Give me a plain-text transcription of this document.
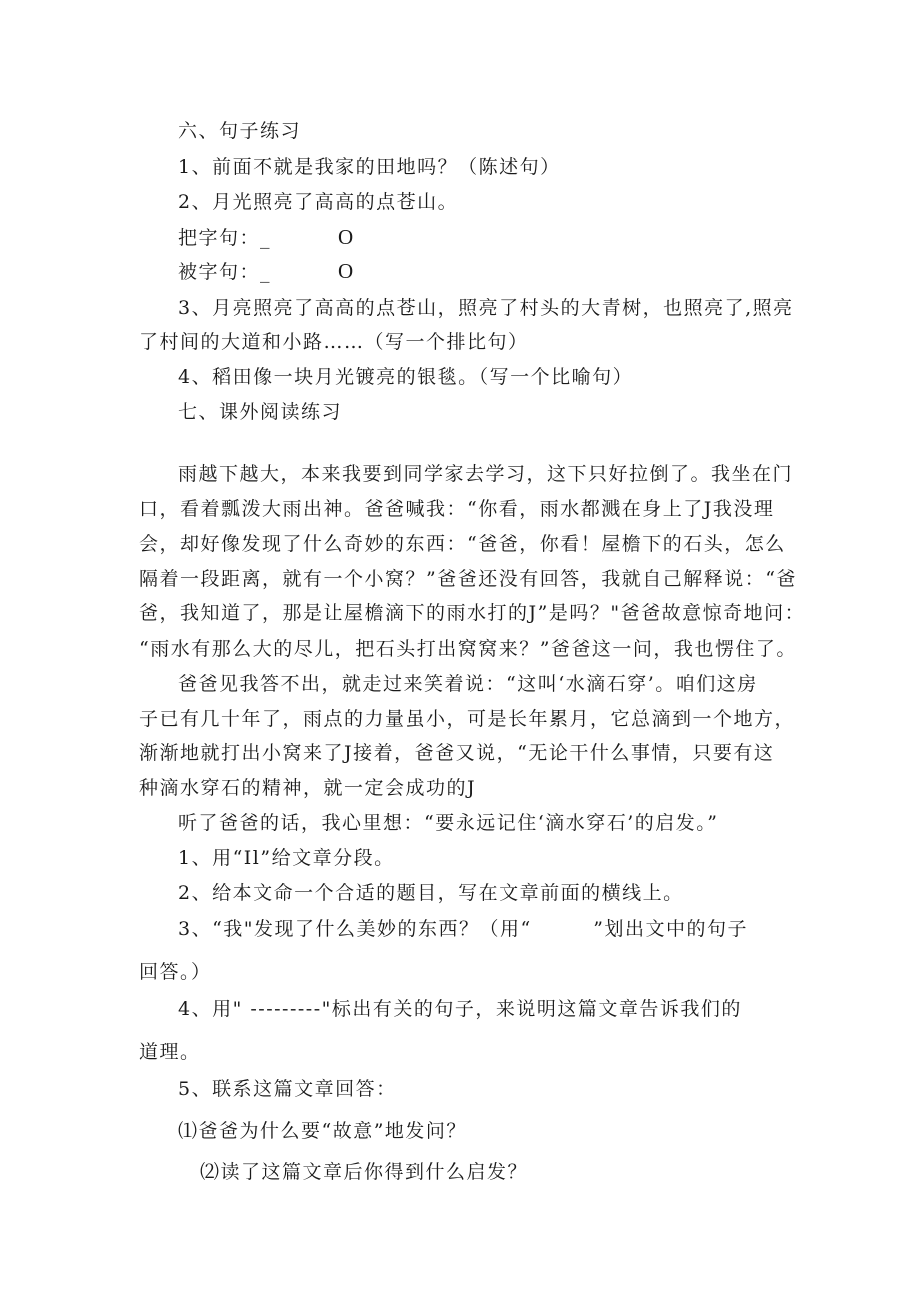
六、句子练习
1、前面不就是我家的田地吗？（陈述句）
2、月光照亮了高高的点苍山。
把字句：_	O
被字句：_	O
3、月亮照亮了高高的点苍山，照亮了村头的大青树，也照亮了,照亮
了村间的大道和小路……（写一个排比句）
4、稻田像一块月光镀亮的银毯。（写一个比喻句）
七、课外阅读练习
雨越下越大，本来我要到同学家去学习，这下只好拉倒了。我坐在门
口，看着瓢泼大雨出神。爸爸喊我：“你看，雨水都溅在身上了J我没理
会，却好像发现了什么奇妙的东西：“爸爸，你看！屋檐下的石头，怎么
隔着一段距离，就有一个小窝？”爸爸还没有回答，我就自己解释说：“爸
爸，我知道了，那是让屋檐滴下的雨水打的J”是吗？"爸爸故意惊奇地问：
“雨水有那么大的尽儿，把石头打出窝窝来？”爸爸这一问，我也愣住了。
爸爸见我答不出，就走过来笑着说：“这叫‘水滴石穿’。咱们这房
子已有几十年了，雨点的力量虽小，可是长年累月，它总滴到一个地方，
渐渐地就打出小窝来了J接着，爸爸又说，“无论干什么事情，只要有这
种滴水穿石的精神，就一定会成功的J
听了爸爸的话，我心里想：“要永远记住‘滴水穿石’的启发。”
1、用“Il”给文章分段。
2、给本文命一个合适的题目，写在文章前面的横线上。
3、“我"发现了什么美妙的东西？（用“　　　”划出文中的句子
回答。）
4、用" ---------"标出有关的句子，来说明这篇文章告诉我们的
道理。
5、联系这篇文章回答：
⑴爸爸为什么要“故意”地发问？
⑵读了这篇文章后你得到什么启发？
